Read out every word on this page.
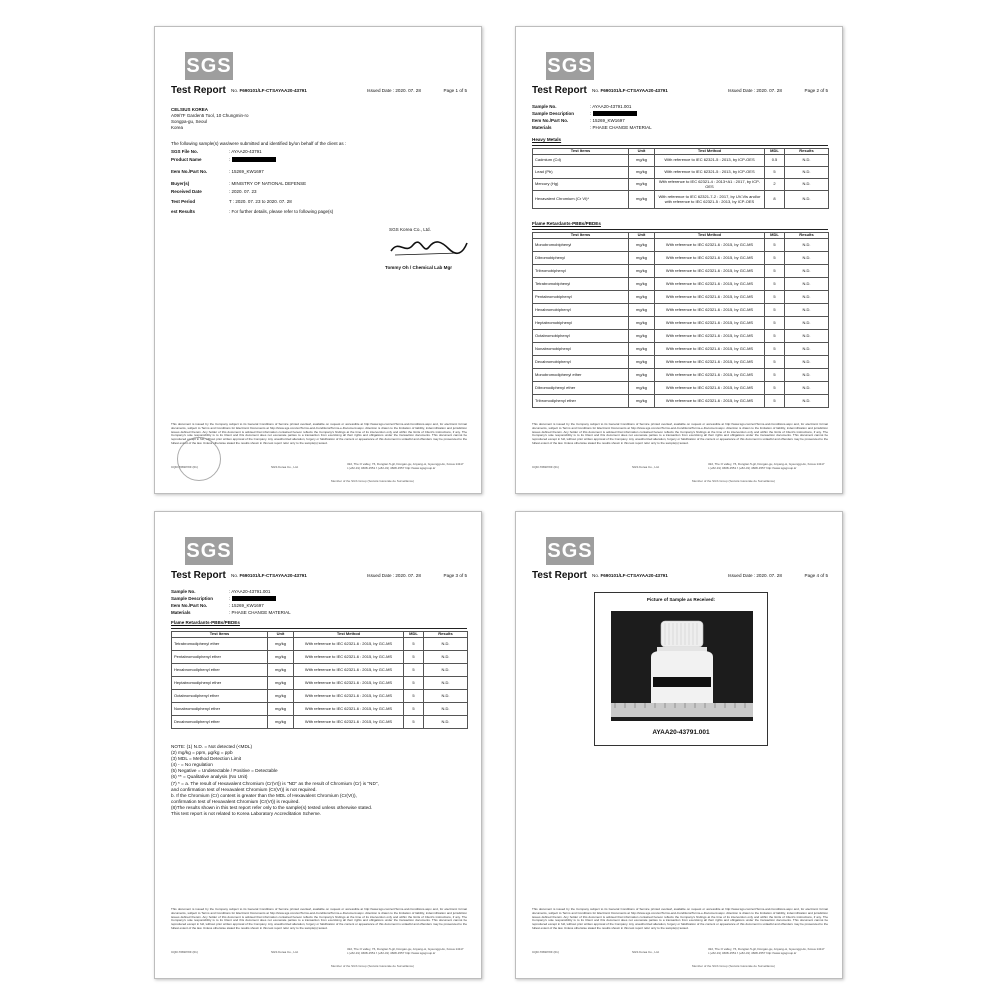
SGS
Test Report No. F690101/LF-CTSAYAA20-43791	Issued Date : 2020. 07. 28	Page 1 of 5
CELSIUS KOREA
A09/7F Garden5 Tool, 10 Chungmin-ro
Songpa-gu, Seoul
Korea
The following sample(s) was/were submitted and identified by/on behalf of the client as :
SGS File No.	: AYAA20-43791
Product Name	:
Item No./Part No.	: 15269_KW1697
Buyer(s)	: MINISTRY OF NATIONAL DEFENSE
Received Date	: 2020. 07. 23
Test Period	T : 2020. 07. 23 to 2020. 07. 28
est Results	: For further details, please refer to following page(s)
SGS Korea Co., Ltd.
Tommy Oh / Chemical Lab Mgr
This document is issued by the Company subject to its General Conditions of Service printed overleaf, available on request or accessible at http://www.sgs.com/en/Terms-and-Conditions.aspx and, for electronic format documents, subject to Terms and Conditions for Electronic Documents at http://www.sgs.com/en/Terms-and-Conditions/Terms-e-Document.aspx. Attention is drawn to the limitation of liability, indemnification and jurisdiction issues defined therein. Any holder of this document is advised that information contained hereon reflects the Company's findings at the time of its intervention only and within the limits of Client's instructions, if any. The Company's sole responsibility is to its Client and this document does not exonerate parties to a transaction from exercising all their rights and obligations under the transaction documents. This document cannot be reproduced except in full, without prior written approval of the Company. Any unauthorized alteration, forgery or falsification of the content or appearance of this document is unlawful and offenders may be prosecuted to the fullest extent of the law. Unless otherwise stated the results shown in this test report refer only to the sample(s) tested.
CQR-7081P/0F (01)	SGS Korea Co., Ltd.
322, The O valley, 76, Dongtan 5-gil, Dongan-gu, Anyang-si, Gyeonggi-do, Korea 14117
t (+82-31) 4608-1551 f (+82-31) 4608-1557 http://www.sgsgroup.kr
Member of the SGS Group (Société Générale de Surveillance)
SGS
Test Report No. F690101/LF-CTSAYAA20-43791	Issued Date : 2020. 07. 28	Page 2 of 5
Sample No.	: AYAA20-43791.001
Sample Description	:
Item No./Part No.	: 15269_KW1697
Materials	: PHASE CHANGE MATERIAL
Heavy Metals
Test Items	Unit	Test Method	MDL	Results
Cadmium (Cd)	mg/kg	With reference to IEC 62321-5 : 2013, by ICP-OES	0.5	N.D.
Lead (Pb)	mg/kg	With reference to IEC 62321-5 : 2013, by ICP-OES	5	N.D.
Mercury (Hg)	mg/kg	With reference to IEC 62321-4 : 2013+A1 : 2017, by ICP-OES	2	N.D.
Hexavalent Chromium (Cr VI)*	mg/kg	With reference to IEC 62321-7-2 : 2017, by UV-Vis and/or with reference to IEC 62321-5 : 2013, by ICP-OES	8	N.D.
Flame Retardants-PBBs/PBDEs
Test Items	Unit	Test Method	MDL	Results
Monobromobiphenyl	mg/kg	With reference to IEC 62321-6 : 2015, by GC-MS	5	N.D.
Dibromobiphenyl	mg/kg	With reference to IEC 62321-6 : 2015, by GC-MS	5	N.D.
Tribromobiphenyl	mg/kg	With reference to IEC 62321-6 : 2015, by GC-MS	5	N.D.
Tetrabromobiphenyl	mg/kg	With reference to IEC 62321-6 : 2015, by GC-MS	5	N.D.
Pentabromobiphenyl	mg/kg	With reference to IEC 62321-6 : 2015, by GC-MS	5	N.D.
Hexabromobiphenyl	mg/kg	With reference to IEC 62321-6 : 2015, by GC-MS	5	N.D.
Heptabromobiphenyl	mg/kg	With reference to IEC 62321-6 : 2015, by GC-MS	5	N.D.
Octabromobiphenyl	mg/kg	With reference to IEC 62321-6 : 2015, by GC-MS	5	N.D.
Nonabromobiphenyl	mg/kg	With reference to IEC 62321-6 : 2015, by GC-MS	5	N.D.
Decabromobiphenyl	mg/kg	With reference to IEC 62321-6 : 2015, by GC-MS	5	N.D.
Monobromodiphenyl ether	mg/kg	With reference to IEC 62321-6 : 2015, by GC-MS	5	N.D.
Dibromodiphenyl ether	mg/kg	With reference to IEC 62321-6 : 2015, by GC-MS	5	N.D.
Tribromodiphenyl ether	mg/kg	With reference to IEC 62321-6 : 2015, by GC-MS	5	N.D.
This document is issued by the Company subject to its General Conditions of Service printed overleaf, available on request or accessible at http://www.sgs.com/en/Terms-and-Conditions.aspx and, for electronic format documents, subject to Terms and Conditions for Electronic Documents at http://www.sgs.com/en/Terms-and-Conditions/Terms-e-Document.aspx. Attention is drawn to the limitation of liability, indemnification and jurisdiction issues defined therein. Any holder of this document is advised that information contained hereon reflects the Company's findings at the time of its intervention only and within the limits of Client's instructions, if any. The Company's sole responsibility is to its Client and this document does not exonerate parties to a transaction from exercising all their rights and obligations under the transaction documents. This document cannot be reproduced except in full, without prior written approval of the Company. Any unauthorized alteration, forgery or falsification of the content or appearance of this document is unlawful and offenders may be prosecuted to the fullest extent of the law. Unless otherwise stated the results shown in this test report refer only to the sample(s) tested.
CQR-7081P/0F (01)	SGS Korea Co., Ltd.
322, The O valley, 76, Dongtan 5-gil, Dongan-gu, Anyang-si, Gyeonggi-do, Korea 14117
t (+82-31) 4608-1551 f (+82-31) 4608-1557 http://www.sgsgroup.kr
Member of the SGS Group (Société Générale de Surveillance)
SGS
Test Report No. F690101/LF-CTSAYAA20-43791	Issued Date : 2020. 07. 28	Page 3 of 5
Sample No.	: AYAA20-43791.001
Sample Description	:
Item No./Part No.	: 15269_KW1697
Materials	: PHASE CHANGE MATERIAL
Flame Retardants-PBBs/PBDEs
Test Items	Unit	Test Method	MDL	Results
Tetrabromodiphenyl ether	mg/kg	With reference to IEC 62321-6 : 2015, by GC-MS	5	N.D.
Pentabromodiphenyl ether	mg/kg	With reference to IEC 62321-6 : 2015, by GC-MS	5	N.D.
Hexabromodiphenyl ether	mg/kg	With reference to IEC 62321-6 : 2015, by GC-MS	5	N.D.
Heptabromodiphenyl ether	mg/kg	With reference to IEC 62321-6 : 2015, by GC-MS	5	N.D.
Octabromodiphenyl ether	mg/kg	With reference to IEC 62321-6 : 2015, by GC-MS	5	N.D.
Nonabromodiphenyl ether	mg/kg	With reference to IEC 62321-6 : 2015, by GC-MS	5	N.D.
Decabromodiphenyl ether	mg/kg	With reference to IEC 62321-6 : 2015, by GC-MS	5	N.D.
NOTE: (1) N.D. = Not detected (<MDL)
(2) mg/kg = ppm, µg/kg = ppb
(3) MDL = Method Detection Limit
(4) - = No regulation
(5) Negative = Undetectable / Positive = Detectable
(6) ** = Qualitative analysis (No Unit)
(7) * = a. The result of Hexavalent Chromium (Cr(VI)) is "ND" as the result of Chromium (Cr) is "ND",
and confirmation test of Hexavalent Chromium (Cr(VI)) is not required.
b. If the Chromium (Cr) content is greater than the MDL of Hexavalent Chromium (Cr(VI)),
confirmation test of Hexavalent Chromium (Cr(VI)) is required.
(8)The results shown in this test report refer only to the sample(s) tested unless otherwise stated.
This test report is not related to Korea Laboratory Accreditation Scheme.
This document is issued by the Company subject to its General Conditions of Service printed overleaf, available on request or accessible at http://www.sgs.com/en/Terms-and-Conditions.aspx and, for electronic format documents, subject to Terms and Conditions for Electronic Documents at http://www.sgs.com/en/Terms-and-Conditions/Terms-e-Document.aspx. Attention is drawn to the limitation of liability, indemnification and jurisdiction issues defined therein. Any holder of this document is advised that information contained hereon reflects the Company's findings at the time of its intervention only and within the limits of Client's instructions, if any. The Company's sole responsibility is to its Client and this document does not exonerate parties to a transaction from exercising all their rights and obligations under the transaction documents. This document cannot be reproduced except in full, without prior written approval of the Company. Any unauthorized alteration, forgery or falsification of the content or appearance of this document is unlawful and offenders may be prosecuted to the fullest extent of the law. Unless otherwise stated the results shown in this test report refer only to the sample(s) tested.
CQR-7081P/0F (01)	SGS Korea Co., Ltd.
322, The O valley, 76, Dongtan 5-gil, Dongan-gu, Anyang-si, Gyeonggi-do, Korea 14117
t (+82-31) 4608-1551 f (+82-31) 4608-1557 http://www.sgsgroup.kr
Member of the SGS Group (Société Générale de Surveillance)
SGS
Test Report No. F690101/LF-CTSAYAA20-43791	Issued Date : 2020. 07. 28	Page 4 of 5
Picture of Sample as Received:
AYAA20-43791.001
This document is issued by the Company subject to its General Conditions of Service printed overleaf, available on request or accessible at http://www.sgs.com/en/Terms-and-Conditions.aspx and, for electronic format documents, subject to Terms and Conditions for Electronic Documents at http://www.sgs.com/en/Terms-and-Conditions/Terms-e-Document.aspx. Attention is drawn to the limitation of liability, indemnification and jurisdiction issues defined therein. Any holder of this document is advised that information contained hereon reflects the Company's findings at the time of its intervention only and within the limits of Client's instructions, if any. The Company's sole responsibility is to its Client and this document does not exonerate parties to a transaction from exercising all their rights and obligations under the transaction documents. This document cannot be reproduced except in full, without prior written approval of the Company. Any unauthorized alteration, forgery or falsification of the content or appearance of this document is unlawful and offenders may be prosecuted to the fullest extent of the law. Unless otherwise stated the results shown in this test report refer only to the sample(s) tested.
CQR-7081P/0F (01)	SGS Korea Co., Ltd.
322, The O valley, 76, Dongtan 5-gil, Dongan-gu, Anyang-si, Gyeonggi-do, Korea 14117
t (+82-31) 4608-1551 f (+82-31) 4608-1557 http://www.sgsgroup.kr
Member of the SGS Group (Société Générale de Surveillance)
